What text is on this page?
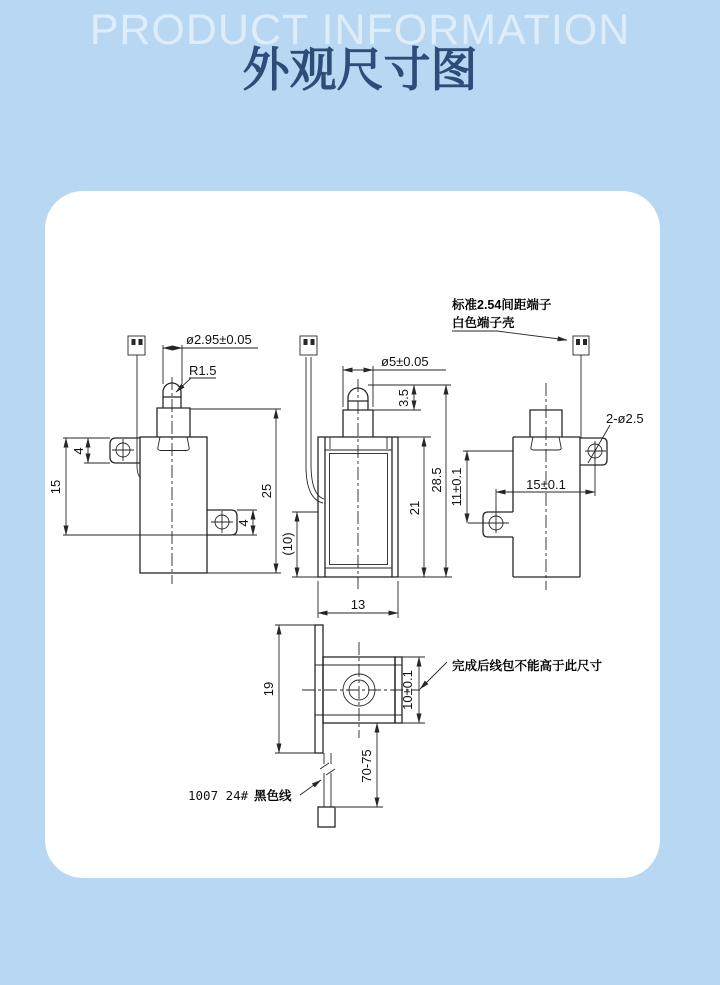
PRODUCT INFORMATION
外观尺寸图
ø2.95±0.05
R1.5
4
15
4
25
ø5±0.05
3.5
21
28.5
(10)
13
2-ø2.5
11±0.1	15±0.1
19	10±0.1
完成后线包不能高于此尺寸
70-75
1007 24# 黑色线
标准2.54间距端子
白色端子壳
